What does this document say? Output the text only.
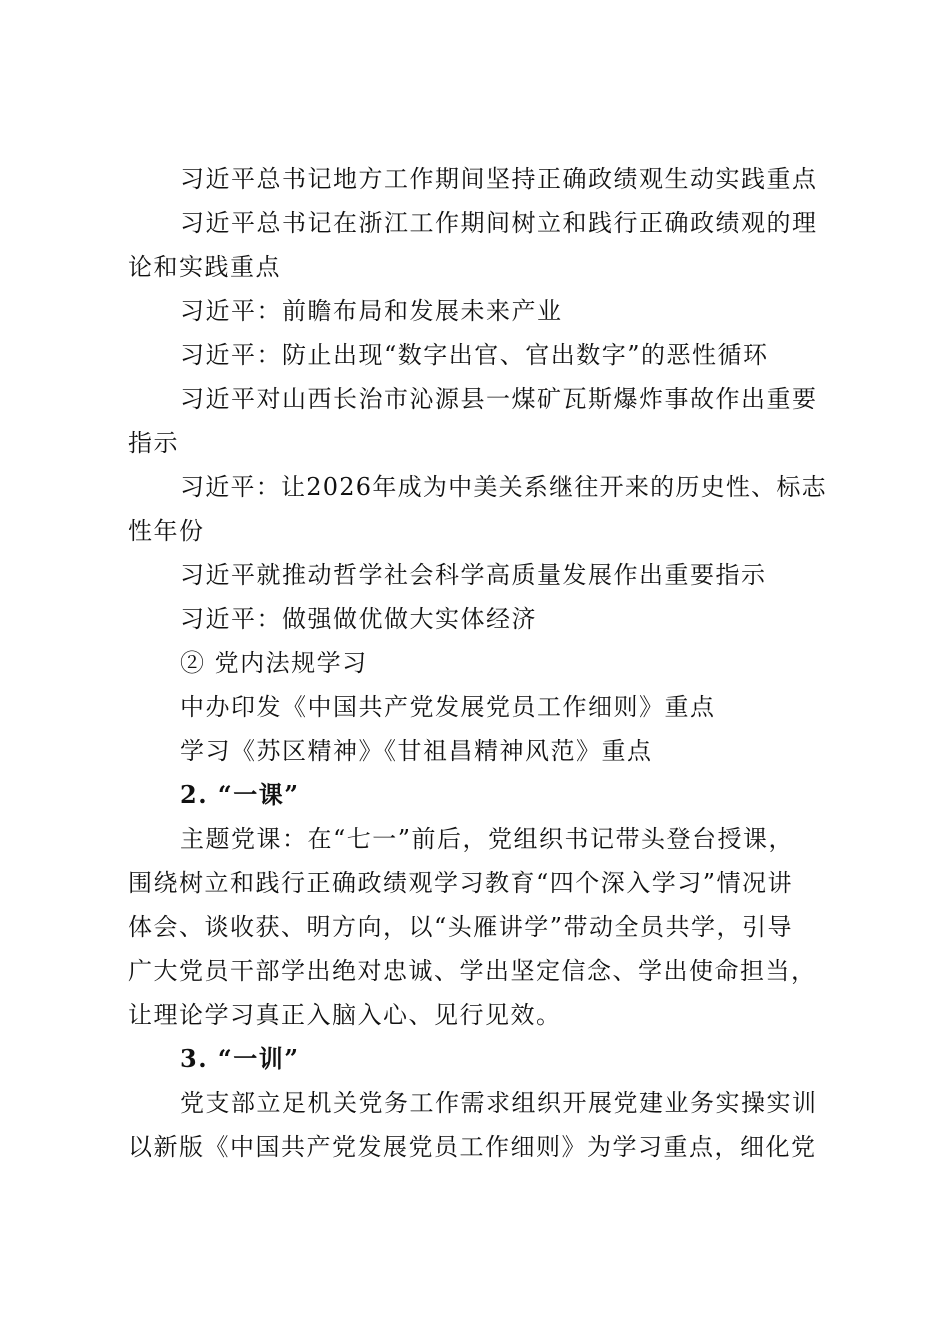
习近平总书记地方工作期间坚持正确政绩观生动实践重点
习近平总书记在浙江工作期间树立和践行正确政绩观的理
论和实践重点
习近平：前瞻布局和发展未来产业
习近平：防止出现“数字出官、官出数字”的恶性循环
习近平对山西长治市沁源县一煤矿瓦斯爆炸事故作出重要
指示
习近平：让2026年成为中美关系继往开来的历史性、标志
性年份
习近平就推动哲学社会科学高质量发展作出重要指示
习近平：做强做优做大实体经济
② 党内法规学习
中办印发《中国共产党发展党员工作细则》重点
学习《苏区精神》《甘祖昌精神风范》重点
2. “一课”
主题党课：在“七一”前后，党组织书记带头登台授课，
围绕树立和践行正确政绩观学习教育“四个深入学习”情况讲
体会、谈收获、明方向，以“头雁讲学”带动全员共学，引导
广大党员干部学出绝对忠诚、学出坚定信念、学出使命担当，
让理论学习真正入脑入心、见行见效。
3. “一训”
党支部立足机关党务工作需求组织开展党建业务实操实训
以新版《中国共产党发展党员工作细则》为学习重点，细化党
